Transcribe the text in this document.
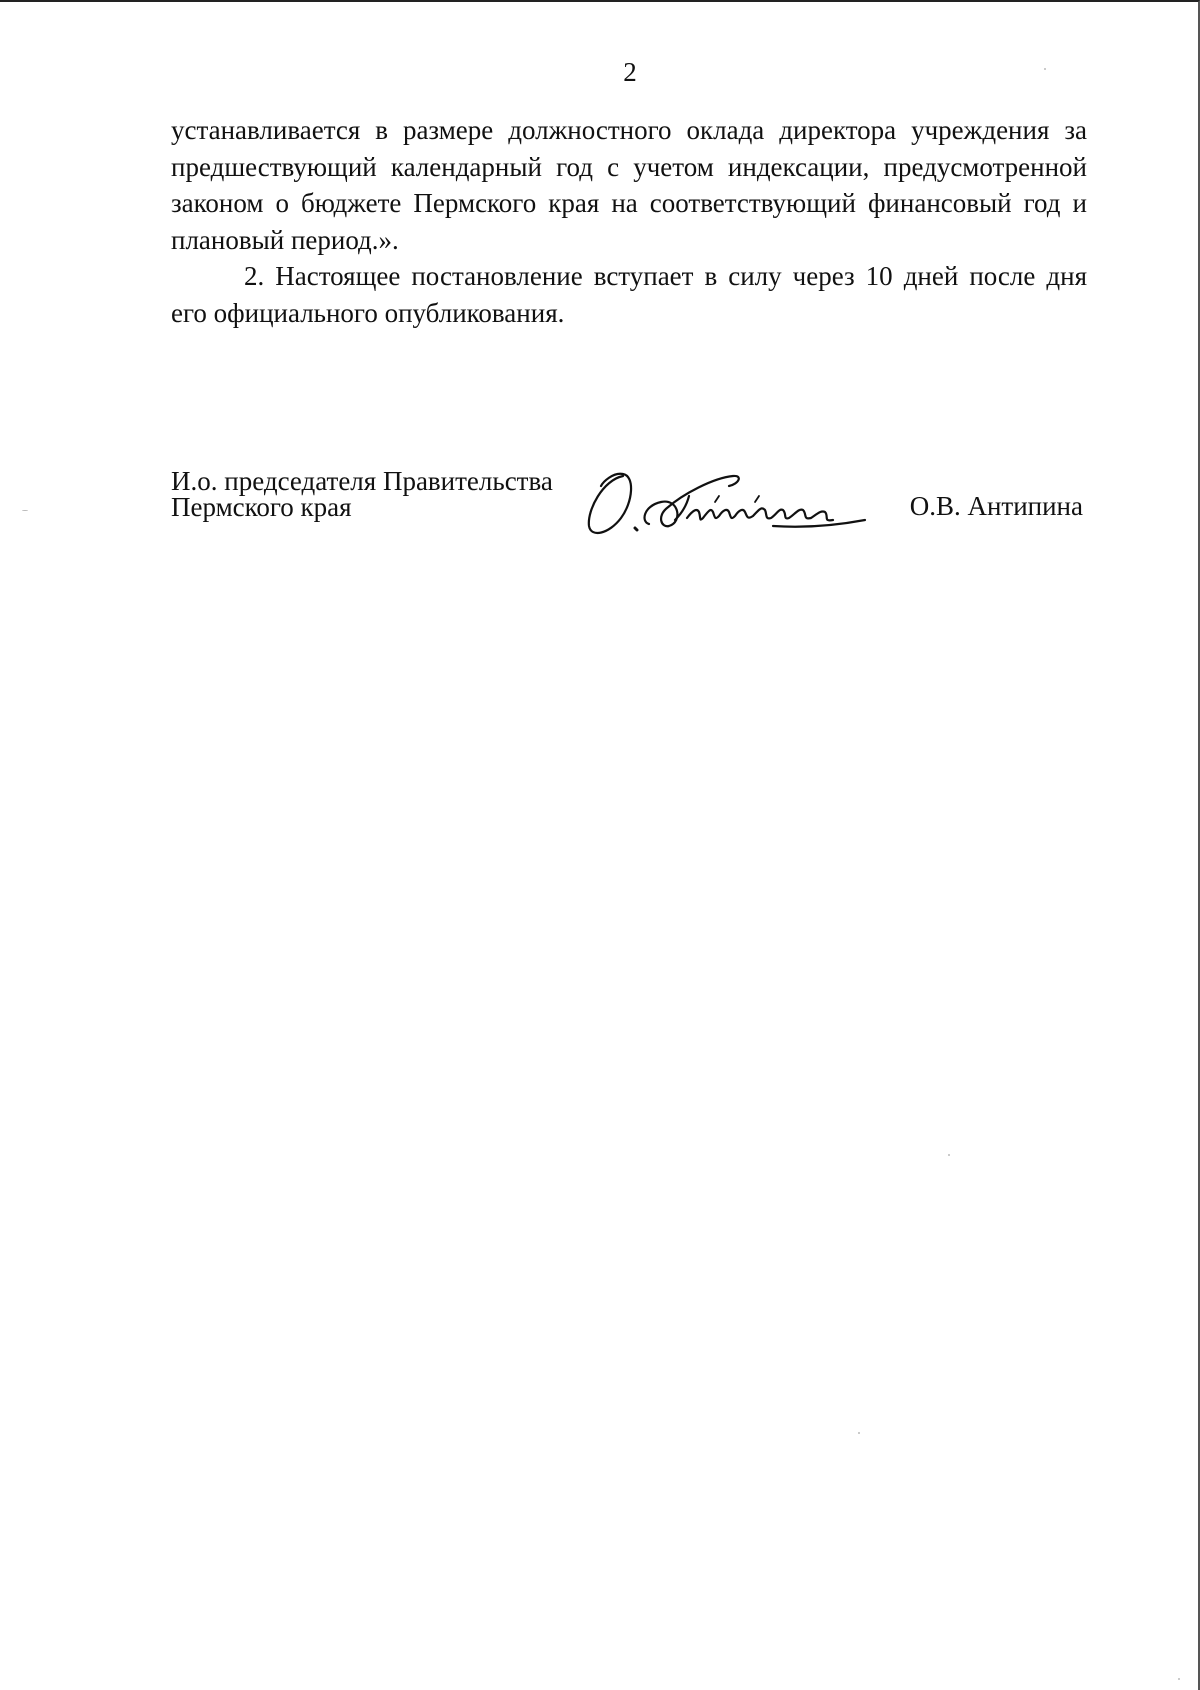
2

устанавливается в размере должностного оклада директора учреждения за предшествующий календарный год с учетом индексации, предусмотренной законом о бюджете Пермского края на соответствующий финансовый год и плановый период.».

2. Настоящее постановление вступает в силу через 10 дней после дня его официального опубликования.

И.о. председателя Правительства
Пермского края	О.В. Антипина
